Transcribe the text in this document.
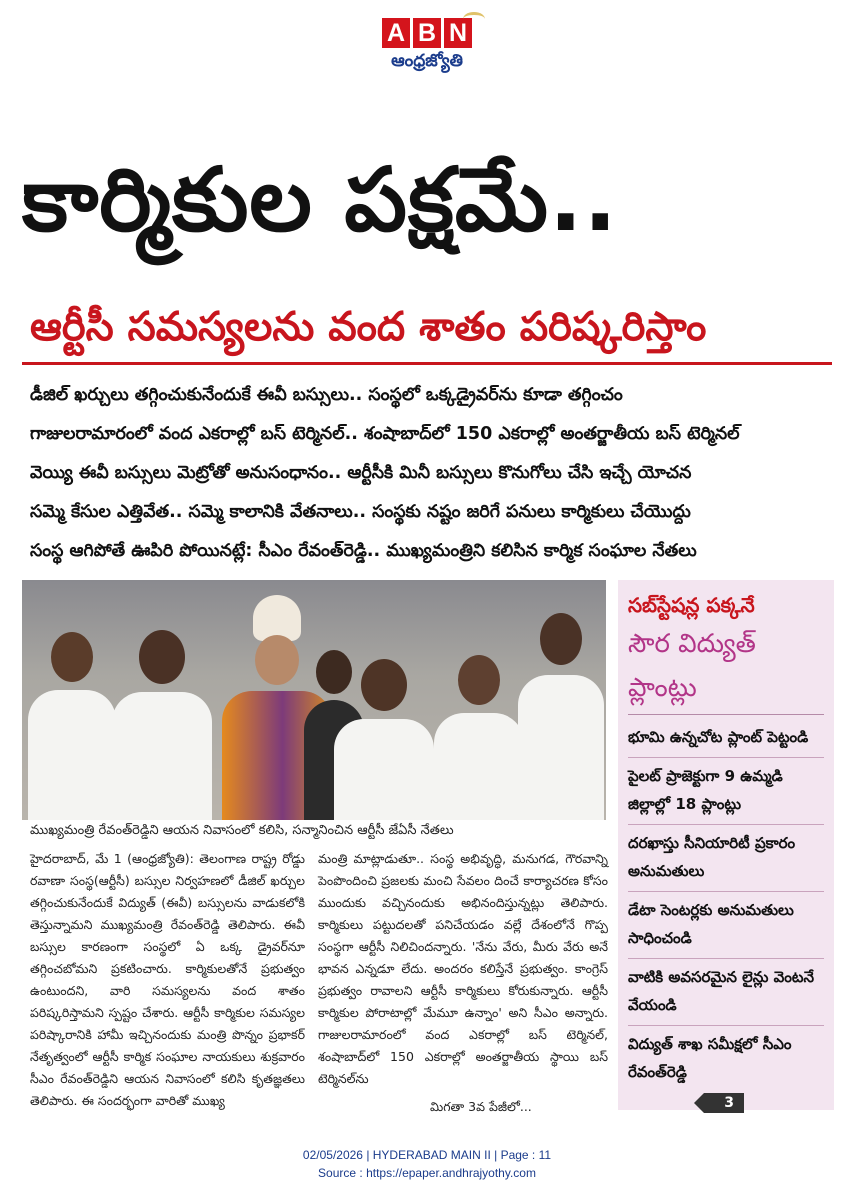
A B N
ఆంధ్రజ్యోతి
కార్మికుల పక్షమే..
ఆర్టీసీ సమస్యలను వంద శాతం పరిష్కరిస్తాం
డీజిల్ ఖర్చులు తగ్గించుకునేందుకే ఈవీ బస్సులు.. సంస్థలో ఒక్కడ్రైవర్‌ను కూడా తగ్గించం
గాజులరామారంలో వంద ఎకరాల్లో బస్ టెర్మినల్.. శంషాబాద్‌లో 150 ఎకరాల్లో అంతర్జాతీయ బస్ టెర్మినల్
వెయ్యి ఈవీ బస్సులు మెట్రోతో అనుసంధానం.. ఆర్టీసీకి మినీ బస్సులు కొనుగోలు చేసి ఇచ్చే యోచన
సమ్మె కేసుల ఎత్తివేత.. సమ్మె కాలానికి వేతనాలు.. సంస్థకు నష్టం జరిగే పనులు కార్మికులు చేయొద్దు
సంస్థ ఆగిపోతే ఊపిరి పోయినట్లే: సీఎం రేవంత్‌రెడ్డి.. ముఖ్యమంత్రిని కలిసిన కార్మిక సంఘాల నేతలు
ముఖ్యమంత్రి రేవంత్‌రెడ్డిని ఆయన నివాసంలో కలిసి, సన్మానించిన ఆర్టీసీ జేఏసీ నేతలు
హైదరాబాద్, మే 1 (ఆంధ్రజ్యోతి): తెలంగాణ రాష్ట్ర రోడ్డు రవాణా సంస్థ(ఆర్టీసీ) బస్సుల నిర్వహణలో డీజిల్ ఖర్చుల తగ్గించుకునేందుకే విద్యుత్ (ఈవీ) బస్సులను వాడుకలోకి తెస్తున్నామని ముఖ్యమంత్రి రేవంత్‌రెడ్డి తెలిపారు. ఈవీ బస్సుల కారణంగా సంస్థలో ఏ ఒక్క డ్రైవర్‌నూ తగ్గించబోమని ప్రకటించారు. కార్మికులతోనే ప్రభుత్వం ఉంటుందని, వారి సమస్యలను వంద శాతం పరిష్కరిస్తామని స్పష్టం చేశారు. ఆర్టీసీ కార్మికుల సమస్యల పరిష్కారానికి హామీ ఇచ్చినందుకు మంత్రి పొన్నం ప్రభాకర్ నేతృత్వంలో ఆర్టీసీ కార్మిక సంఘాల నాయకులు శుక్రవారం సీఎం రేవంత్‌రెడ్డిని ఆయన నివాసంలో కలిసి కృతజ్ఞతలు తెలిపారు. ఈ సందర్భంగా వారితో ముఖ్య
మంత్రి మాట్లాడుతూ.. సంస్థ అభివృద్ధి, మనుగడ, గౌరవాన్ని పెంపొందించి ప్రజలకు మంచి సేవలం దించే కార్యాచరణ కోసం ముందుకు వచ్చినందుకు అభినందిస్తున్నట్లు తెలిపారు. కార్మికులు పట్టుదలతో పనిచేయడం వల్లే దేశంలోనే గొప్ప సంస్థగా ఆర్టీసీ నిలిచిందన్నారు. 'నేను వేరు, మీరు వేరు అనే భావన ఎన్నడూ లేదు. అందరం కలిస్తేనే ప్రభుత్వం. కాంగ్రెస్ ప్రభుత్వం రావాలని ఆర్టీసీ కార్మికులు కోరుకున్నారు. ఆర్టీసీ కార్మికుల పోరాటాల్లో మేమూ ఉన్నాం' అని సీఎం అన్నారు. గాజులరామారంలో వంద ఎకరాల్లో బస్ టెర్మినల్, శంషాబాద్‌లో 150 ఎకరాల్లో అంతర్జాతీయ స్థాయి బస్ టెర్మినల్‌ను
మిగతా 3వ పేజీలో...
సబ్‌స్టేషన్ల పక్కనే
సౌర విద్యుత్
ప్లాంట్లు
భూమి ఉన్నచోట ప్లాంట్ పెట్టండి
పైలట్ ప్రాజెక్టుగా 9 ఉమ్మడి జిల్లాల్లో 18 ప్లాంట్లు
దరఖాస్తు సీనియారిటీ ప్రకారం అనుమతులు
డేటా సెంటర్లకు అనుమతులు సాధించండి
వాటికి అవసరమైన లైన్లు వెంటనే వేయండి
విద్యుత్ శాఖ సమీక్షలో సీఎం రేవంత్‌రెడ్డి
3
02/05/2026 | HYDERABAD MAIN II | Page : 11
Source : https://epaper.andhrajyothy.com
